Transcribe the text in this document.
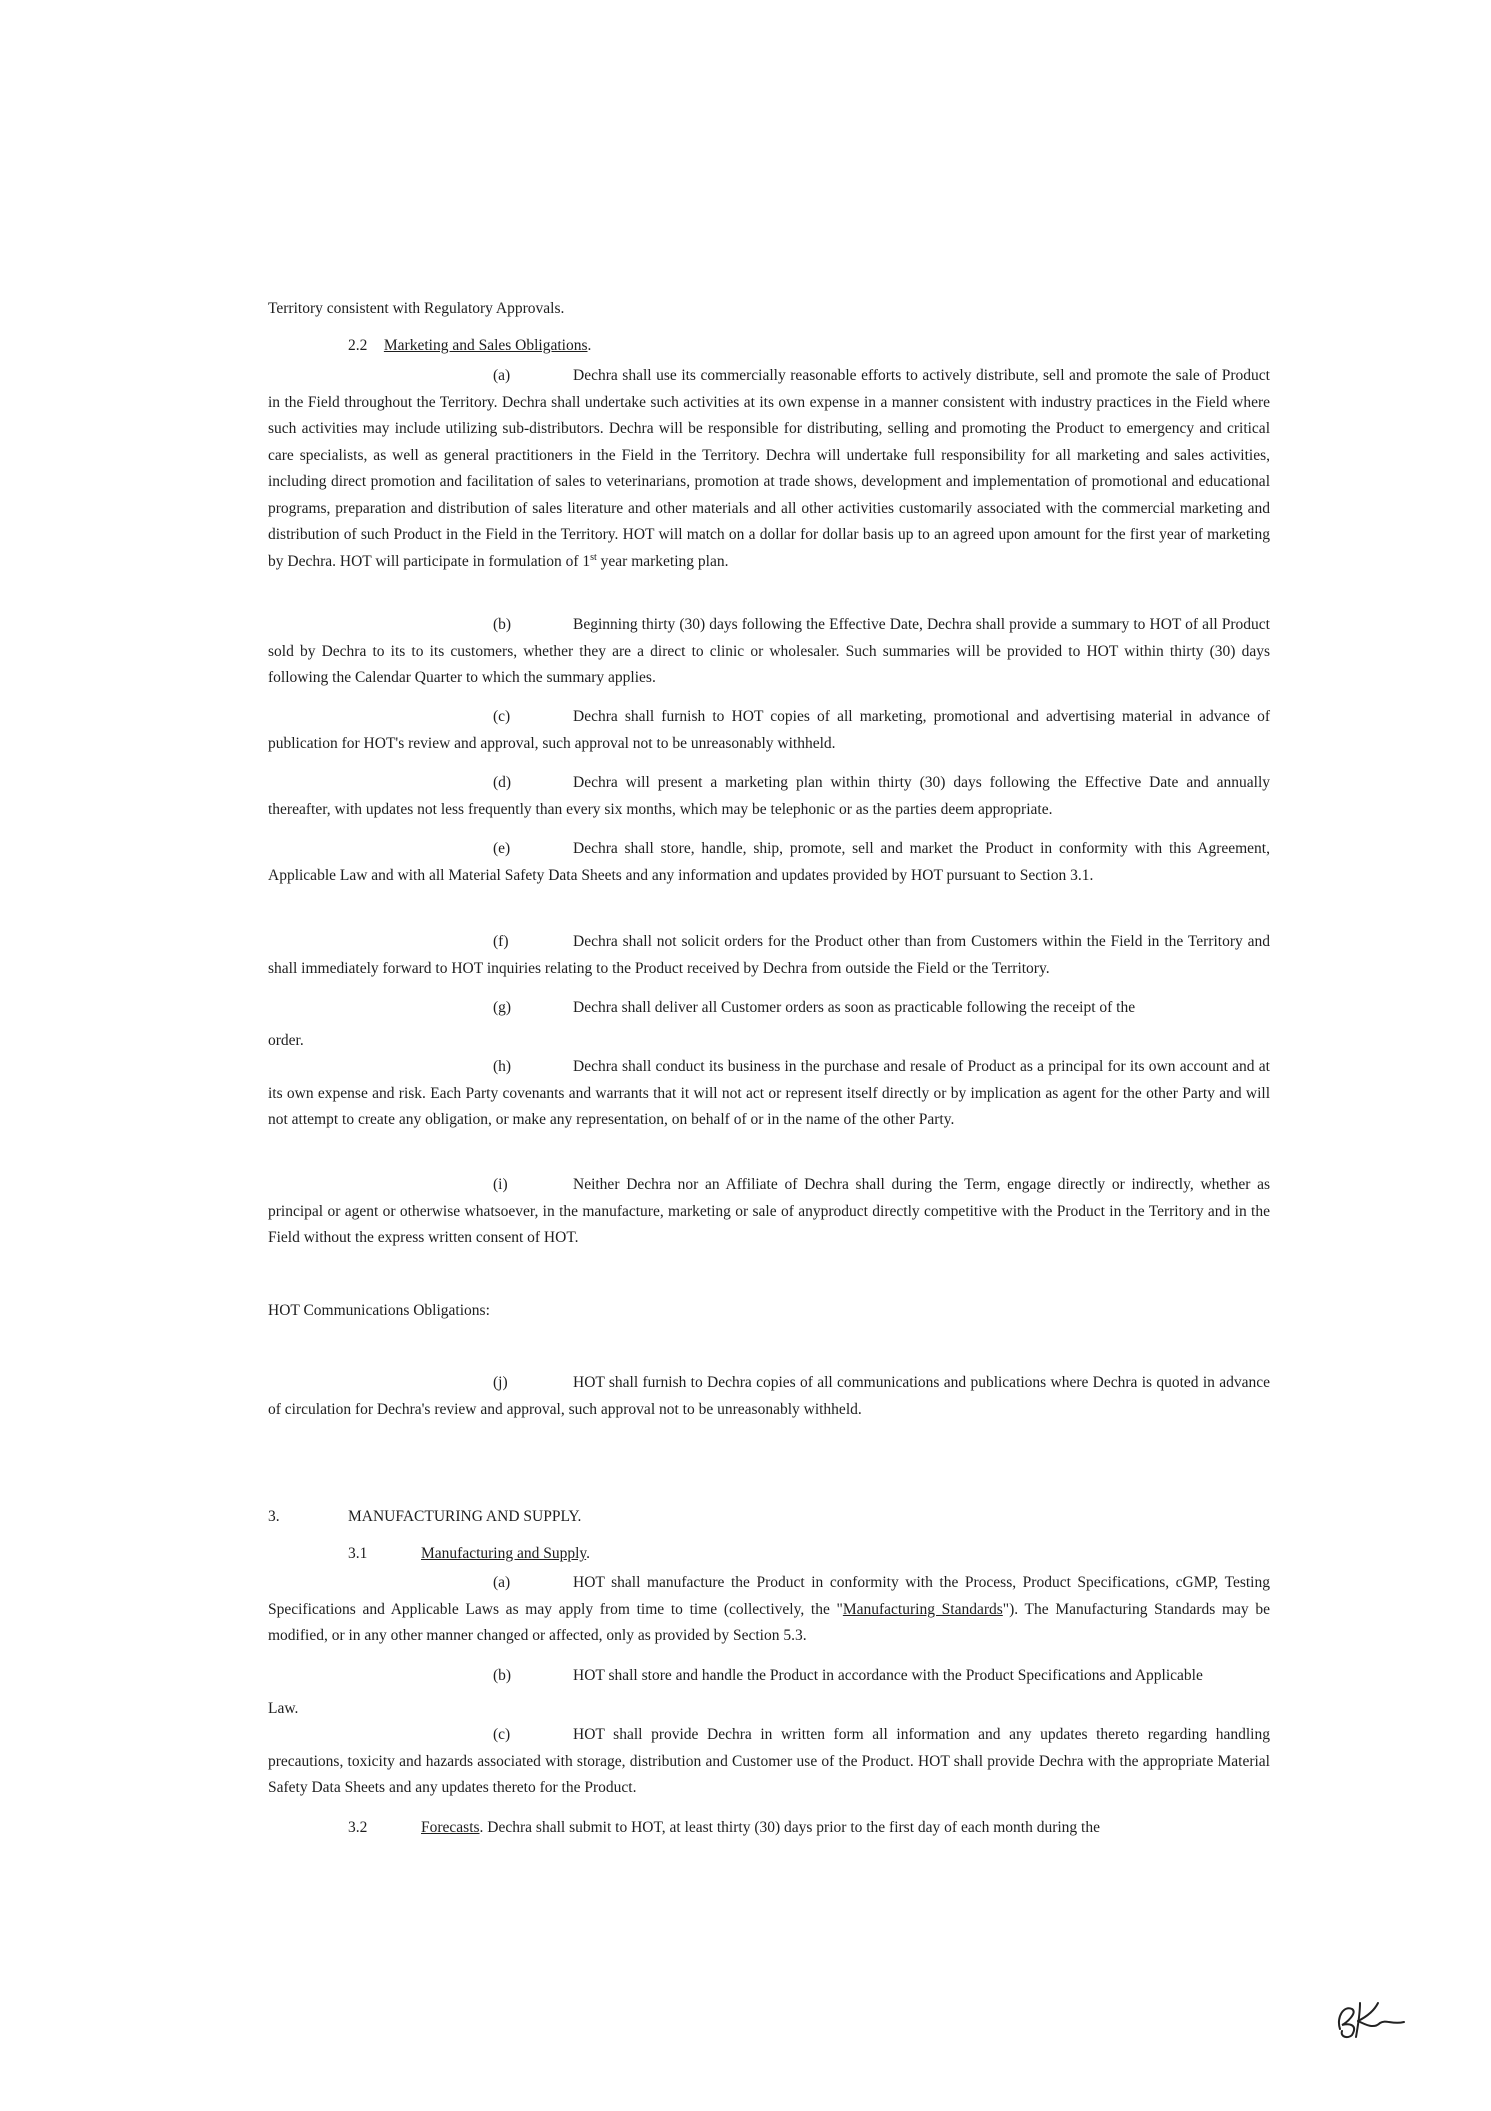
Territory consistent with Regulatory Approvals.

2.2 Marketing and Sales Obligations.

(a)	Dechra shall use its commercially reasonable efforts to actively distribute, sell and promote the sale of Product in the Field throughout the Territory. Dechra shall undertake such activities at its own expense in a manner consistent with industry practices in the Field where such activities may include utilizing sub-distributors. Dechra will be responsible for distributing, selling and promoting the Product to emergency and critical care specialists, as well as general practitioners in the Field in the Territory. Dechra will undertake full responsibility for all marketing and sales activities, including direct promotion and facilitation of sales to veterinarians, promotion at trade shows, development and implementation of promotional and educational programs, preparation and distribution of sales literature and other materials and all other activities customarily associated with the commercial marketing and distribution of such Product in the Field in the Territory. HOT will match on a dollar for dollar basis up to an agreed upon amount for the first year of marketing by Dechra. HOT will participate in formulation of 1st year marketing plan.

(b)	Beginning thirty (30) days following the Effective Date, Dechra shall provide a summary to HOT of all Product sold by Dechra to its to its customers, whether they are a direct to clinic or wholesaler. Such summaries will be provided to HOT within thirty (30) days following the Calendar Quarter to which the summary applies.

(c)	Dechra shall furnish to HOT copies of all marketing, promotional and advertising material in advance of publication for HOT's review and approval, such approval not to be unreasonably withheld.

(d)	Dechra will present a marketing plan within thirty (30) days following the Effective Date and annually thereafter, with updates not less frequently than every six months, which may be telephonic or as the parties deem appropriate.

(e)	Dechra shall store, handle, ship, promote, sell and market the Product in conformity with this Agreement, Applicable Law and with all Material Safety Data Sheets and any information and updates provided by HOT pursuant to Section 3.1.

(f)	Dechra shall not solicit orders for the Product other than from Customers within the Field in the Territory and shall immediately forward to HOT inquiries relating to the Product received by Dechra from outside the Field or the Territory.

(g)	Dechra shall deliver all Customer orders as soon as practicable following the receipt of the

order.

(h)	Dechra shall conduct its business in the purchase and resale of Product as a principal for its own account and at its own expense and risk. Each Party covenants and warrants that it will not act or represent itself directly or by implication as agent for the other Party and will not attempt to create any obligation, or make any representation, on behalf of or in the name of the other Party.

(i)	Neither Dechra nor an Affiliate of Dechra shall during the Term, engage directly or indirectly, whether as principal or agent or otherwise whatsoever, in the manufacture, marketing or sale of anyproduct directly competitive with the Product in the Territory and in the Field without the express written consent of HOT.

HOT Communications Obligations:

(j)	HOT shall furnish to Dechra copies of all communications and publications where Dechra is quoted in advance of circulation for Dechra's review and approval, such approval not to be unreasonably withheld.

3.	MANUFACTURING AND SUPPLY.

3.1	Manufacturing and Supply.

(a)	HOT shall manufacture the Product in conformity with the Process, Product Specifications, cGMP, Testing Specifications and Applicable Laws as may apply from time to time (collectively, the "Manufacturing Standards"). The Manufacturing Standards may be modified, or in any other manner changed or affected, only as provided by Section 5.3.

(b)	HOT shall store and handle the Product in accordance with the Product Specifications and Applicable

Law.

(c)	HOT shall provide Dechra in written form all information and any updates thereto regarding handling precautions, toxicity and hazards associated with storage, distribution and Customer use of the Product. HOT shall provide Dechra with the appropriate Material Safety Data Sheets and any updates thereto for the Product.

3.2	Forecasts. Dechra shall submit to HOT, at least thirty (30) days prior to the first day of each month during the
